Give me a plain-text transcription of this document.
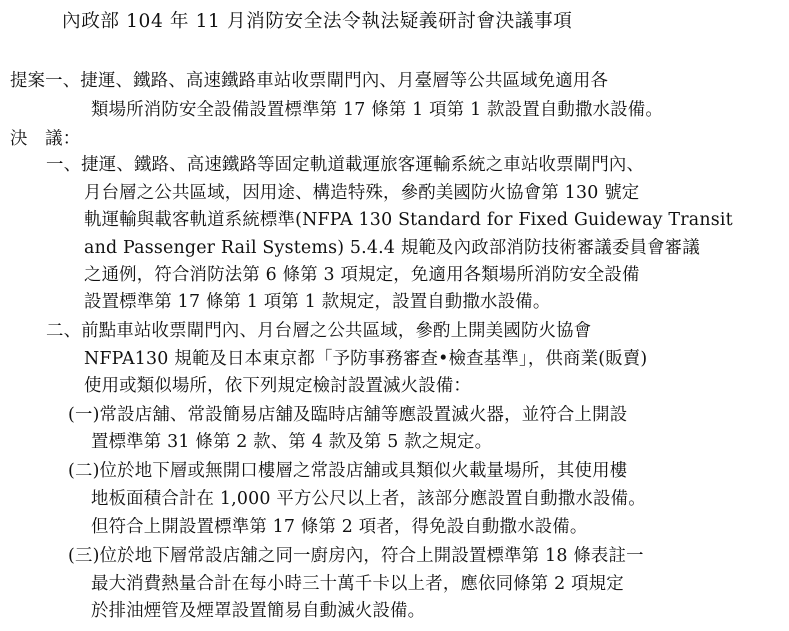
內政部 104 年 11 月消防安全法令執法疑義研討會決議事項
提案一、捷運、鐵路、高速鐵路車站收票閘門內、月臺層等公共區域免適用各
類場所消防安全設備設置標準第 17 條第 1 項第 1 款設置自動撒水設備。
決　議：
一、捷運、鐵路、高速鐵路等固定軌道載運旅客運輸系統之車站收票閘門內、
月台層之公共區域，因用途、構造特殊，參酌美國防火協會第 130 號定
軌運輸與載客軌道系統標準(NFPA 130 Standard for Fixed Guideway Transit
and Passenger Rail Systems) 5.4.4 規範及內政部消防技術審議委員會審議
之通例，符合消防法第 6 條第 3 項規定，免適用各類場所消防安全設備
設置標準第 17 條第 1 項第 1 款規定，設置自動撒水設備。
二、前點車站收票閘門內、月台層之公共區域，參酌上開美國防火協會
NFPA130 規範及日本東京都「予防事務審查•檢查基準」，供商業(販賣)
使用或類似場所，依下列規定檢討設置滅火設備：
(一)常設店舖、常設簡易店舖及臨時店舖等應設置滅火器，並符合上開設
置標準第 31 條第 2 款、第 4 款及第 5 款之規定。
(二)位於地下層或無開口樓層之常設店舖或具類似火載量場所，其使用樓
地板面積合計在 1,000 平方公尺以上者，該部分應設置自動撒水設備。
但符合上開設置標準第 17 條第 2 項者，得免設自動撒水設備。
(三)位於地下層常設店舖之同一廚房內，符合上開設置標準第 18 條表註一
最大消費熱量合計在每小時三十萬千卡以上者，應依同條第 2 項規定
於排油煙管及煙罩設置簡易自動滅火設備。
